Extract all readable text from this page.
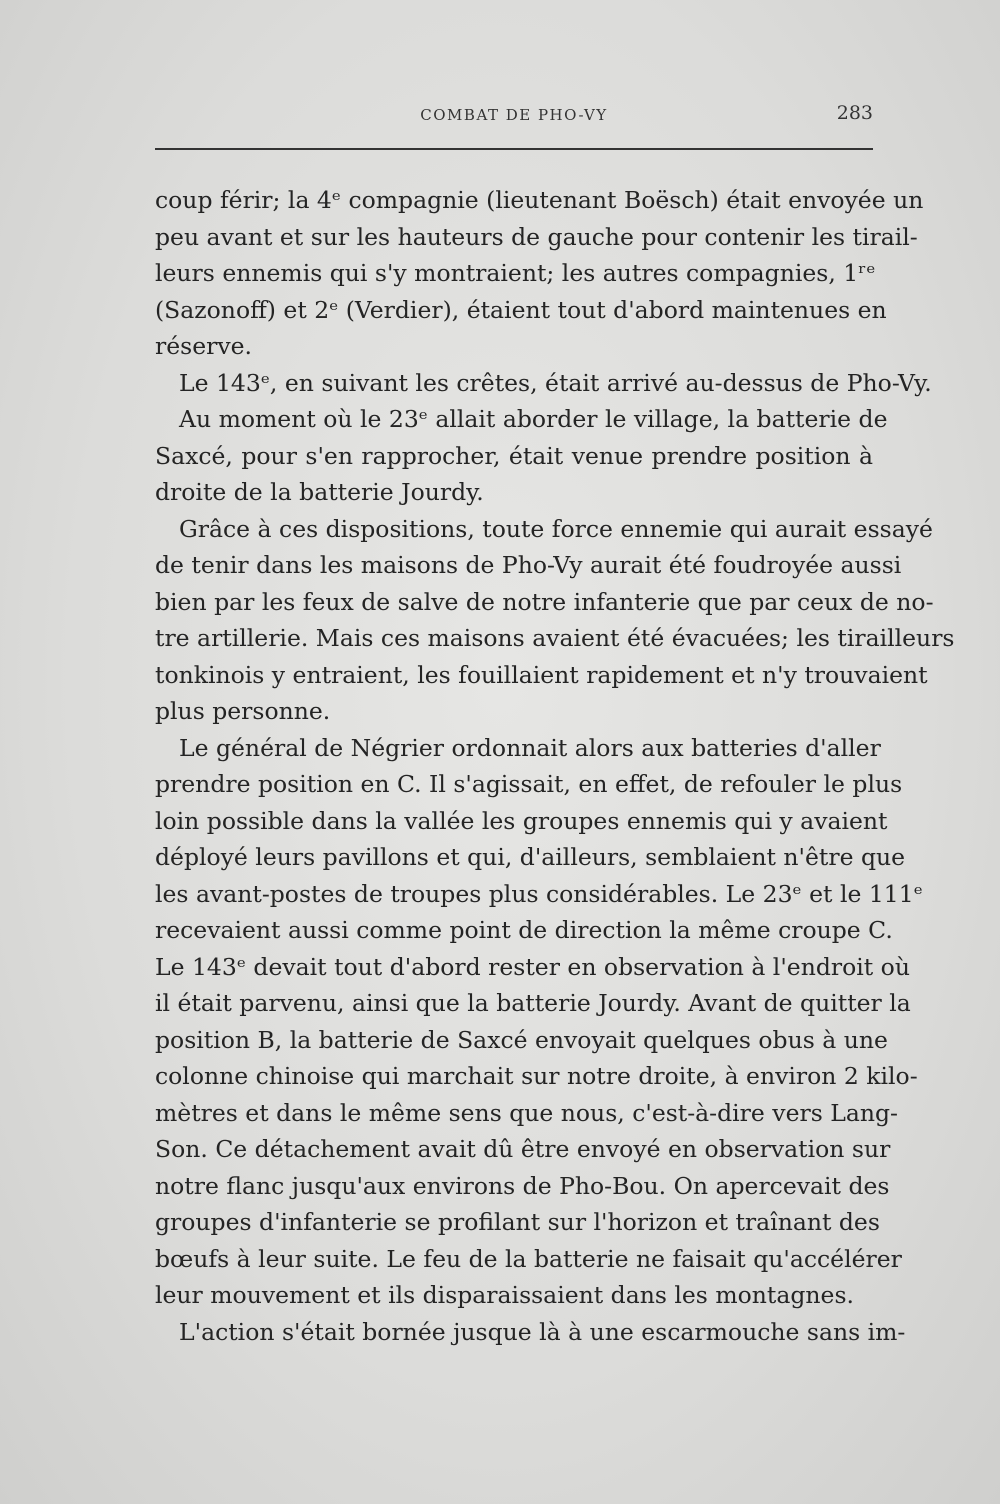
COMBAT DE PHO-VY	283
coup férir; la 4ᵉ compagnie (lieutenant Boësch) était envoyée un
peu avant et sur les hauteurs de gauche pour contenir les tirail-
leurs ennemis qui s'y montraient; les autres compagnies, 1ʳᵉ
(Sazonoff) et 2ᵉ (Verdier), étaient tout d'abord maintenues en
réserve.
Le 143ᵉ, en suivant les crêtes, était arrivé au-dessus de Pho-Vy.
Au moment où le 23ᵉ allait aborder le village, la batterie de
Saxcé, pour s'en rapprocher, était venue prendre position à
droite de la batterie Jourdy.
Grâce à ces dispositions, toute force ennemie qui aurait essayé
de tenir dans les maisons de Pho-Vy aurait été foudroyée aussi
bien par les feux de salve de notre infanterie que par ceux de no-
tre artillerie. Mais ces maisons avaient été évacuées; les tirailleurs
tonkinois y entraient, les fouillaient rapidement et n'y trouvaient
plus personne.
Le général de Négrier ordonnait alors aux batteries d'aller
prendre position en C. Il s'agissait, en effet, de refouler le plus
loin possible dans la vallée les groupes ennemis qui y avaient
déployé leurs pavillons et qui, d'ailleurs, semblaient n'être que
les avant-postes de troupes plus considérables. Le 23ᵉ et le 111ᵉ
recevaient aussi comme point de direction la même croupe C.
Le 143ᵉ devait tout d'abord rester en observation à l'endroit où
il était parvenu, ainsi que la batterie Jourdy. Avant de quitter la
position B, la batterie de Saxcé envoyait quelques obus à une
colonne chinoise qui marchait sur notre droite, à environ 2 kilo-
mètres et dans le même sens que nous, c'est-à-dire vers Lang-
Son. Ce détachement avait dû être envoyé en observation sur
notre flanc jusqu'aux environs de Pho-Bou. On apercevait des
groupes d'infanterie se profilant sur l'horizon et traînant des
bœufs à leur suite. Le feu de la batterie ne faisait qu'accélérer
leur mouvement et ils disparaissaient dans les montagnes.
L'action s'était bornée jusque là à une escarmouche sans im-
